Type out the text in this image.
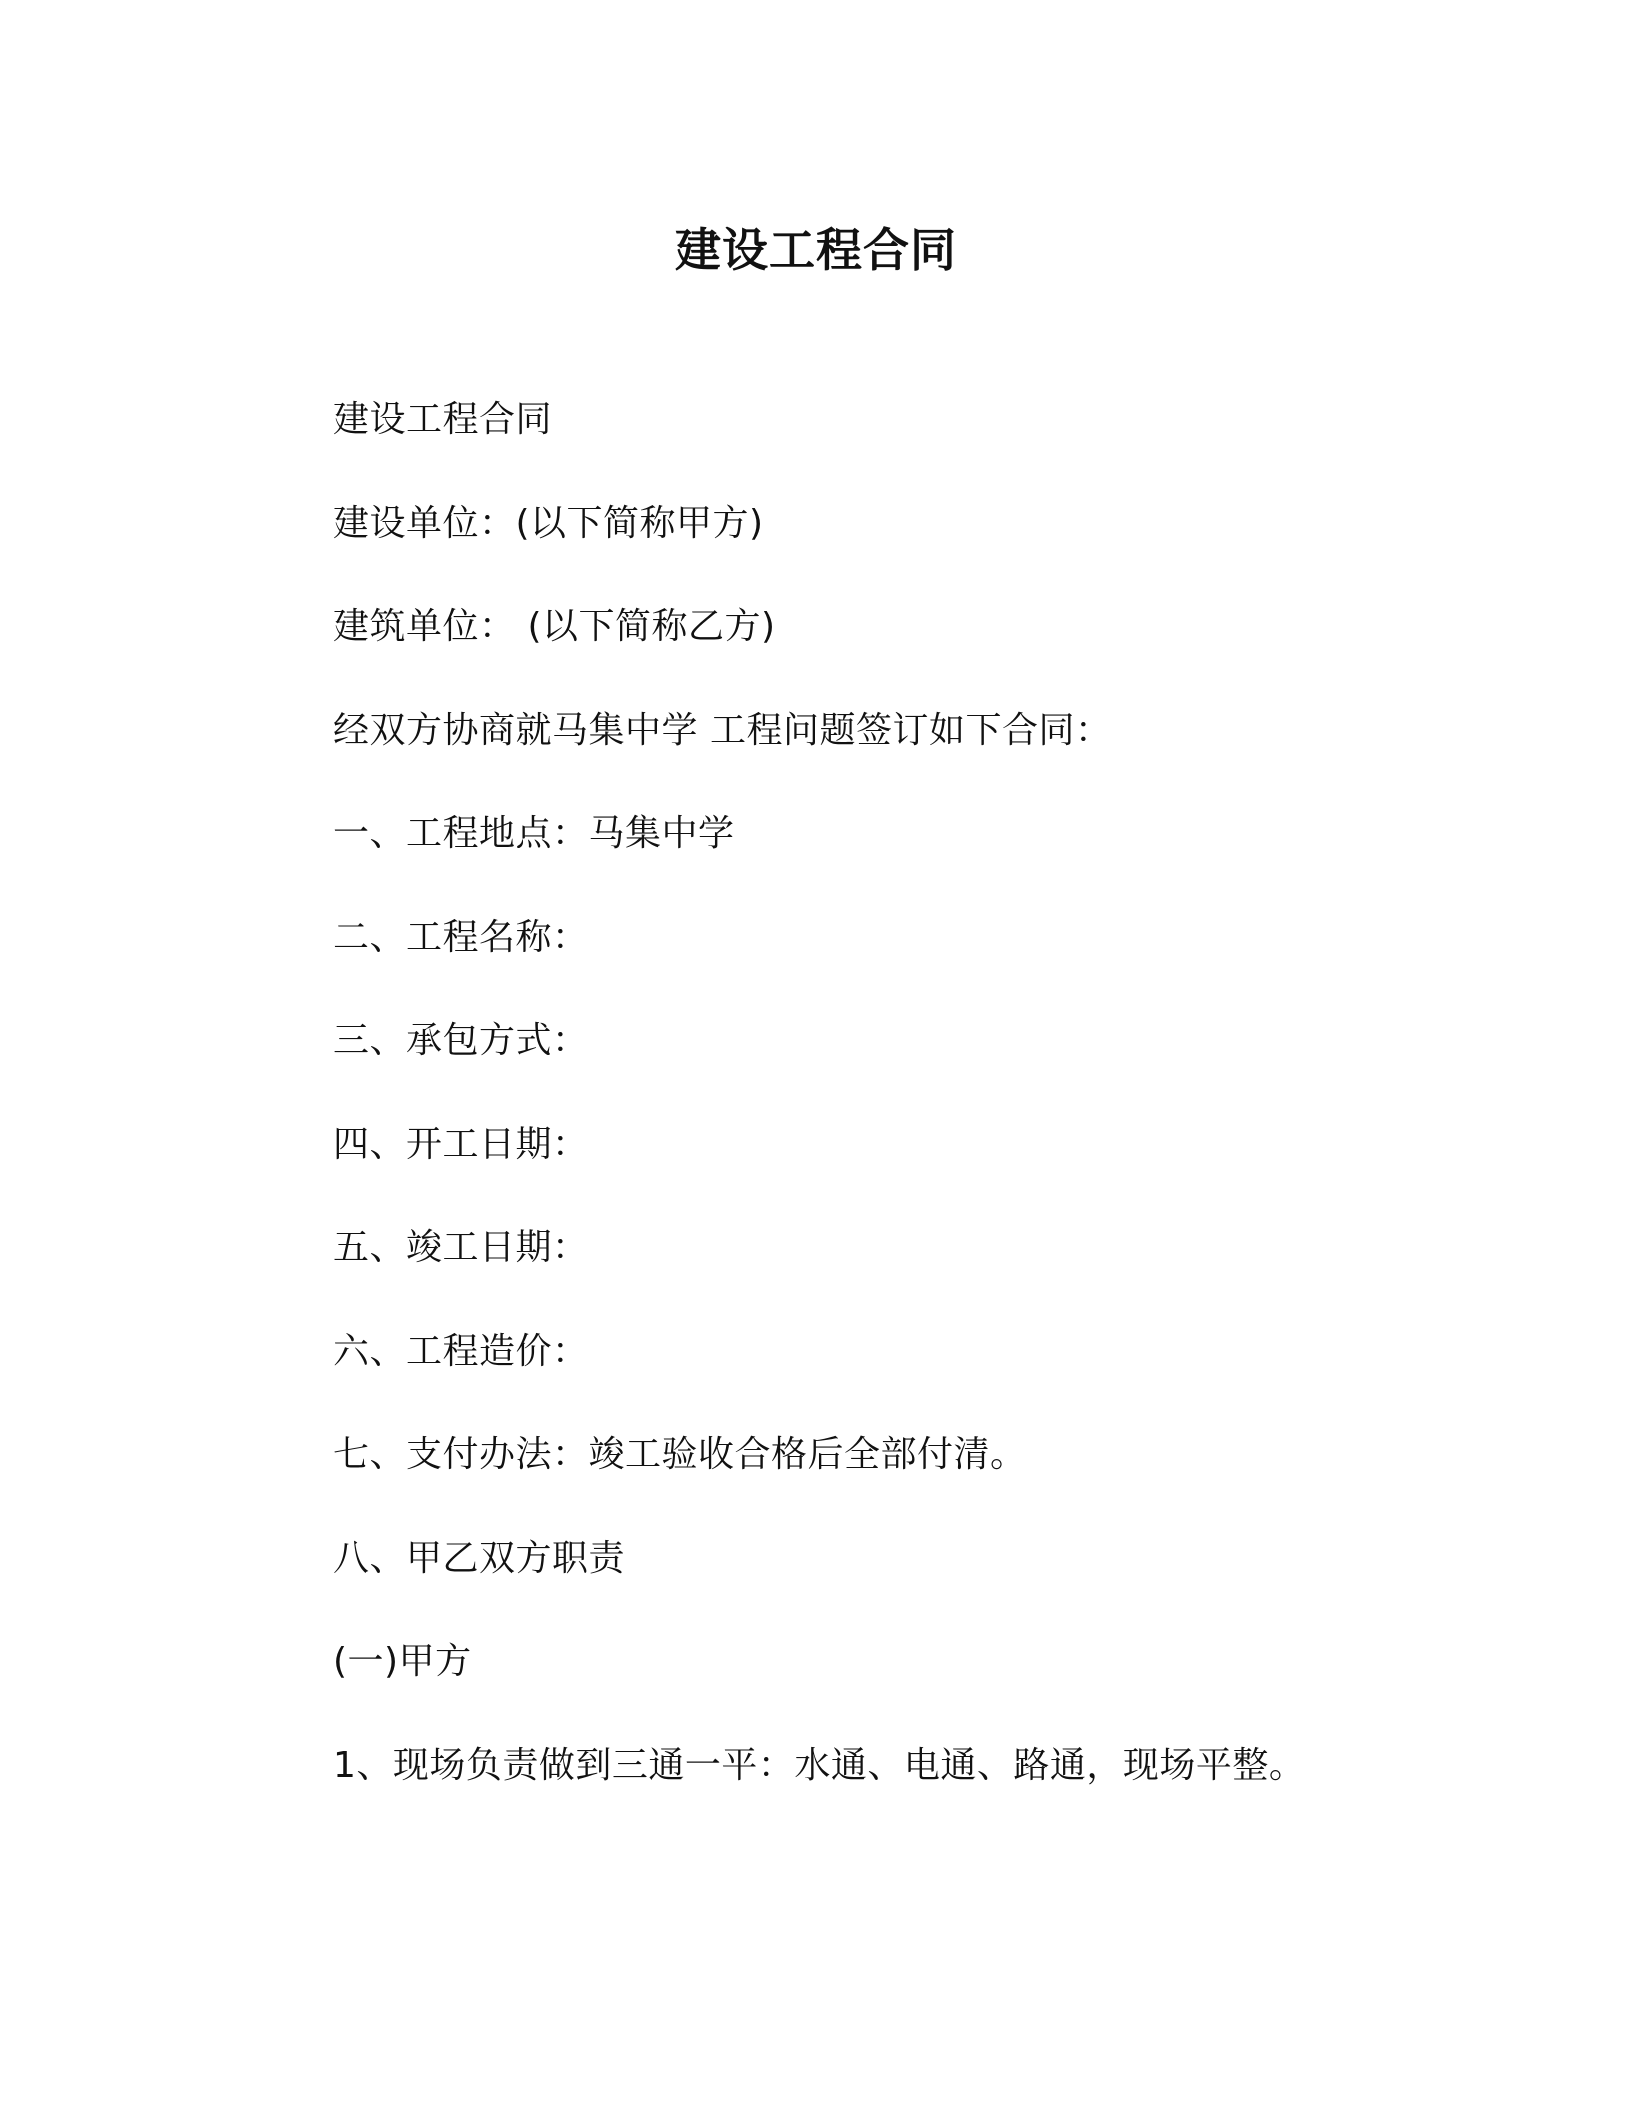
建设工程合同
建设工程合同
建设单位：(以下简称甲方)
建筑单位： (以下简称乙方)
经双方协商就马集中学 工程问题签订如下合同：
一、工程地点：马集中学
二、工程名称：
三、承包方式：
四、开工日期：
五、竣工日期：
六、工程造价：
七、支付办法：竣工验收合格后全部付清。
八、甲乙双方职责
(一)甲方
1、现场负责做到三通一平：水通、电通、路通，现场平整。
